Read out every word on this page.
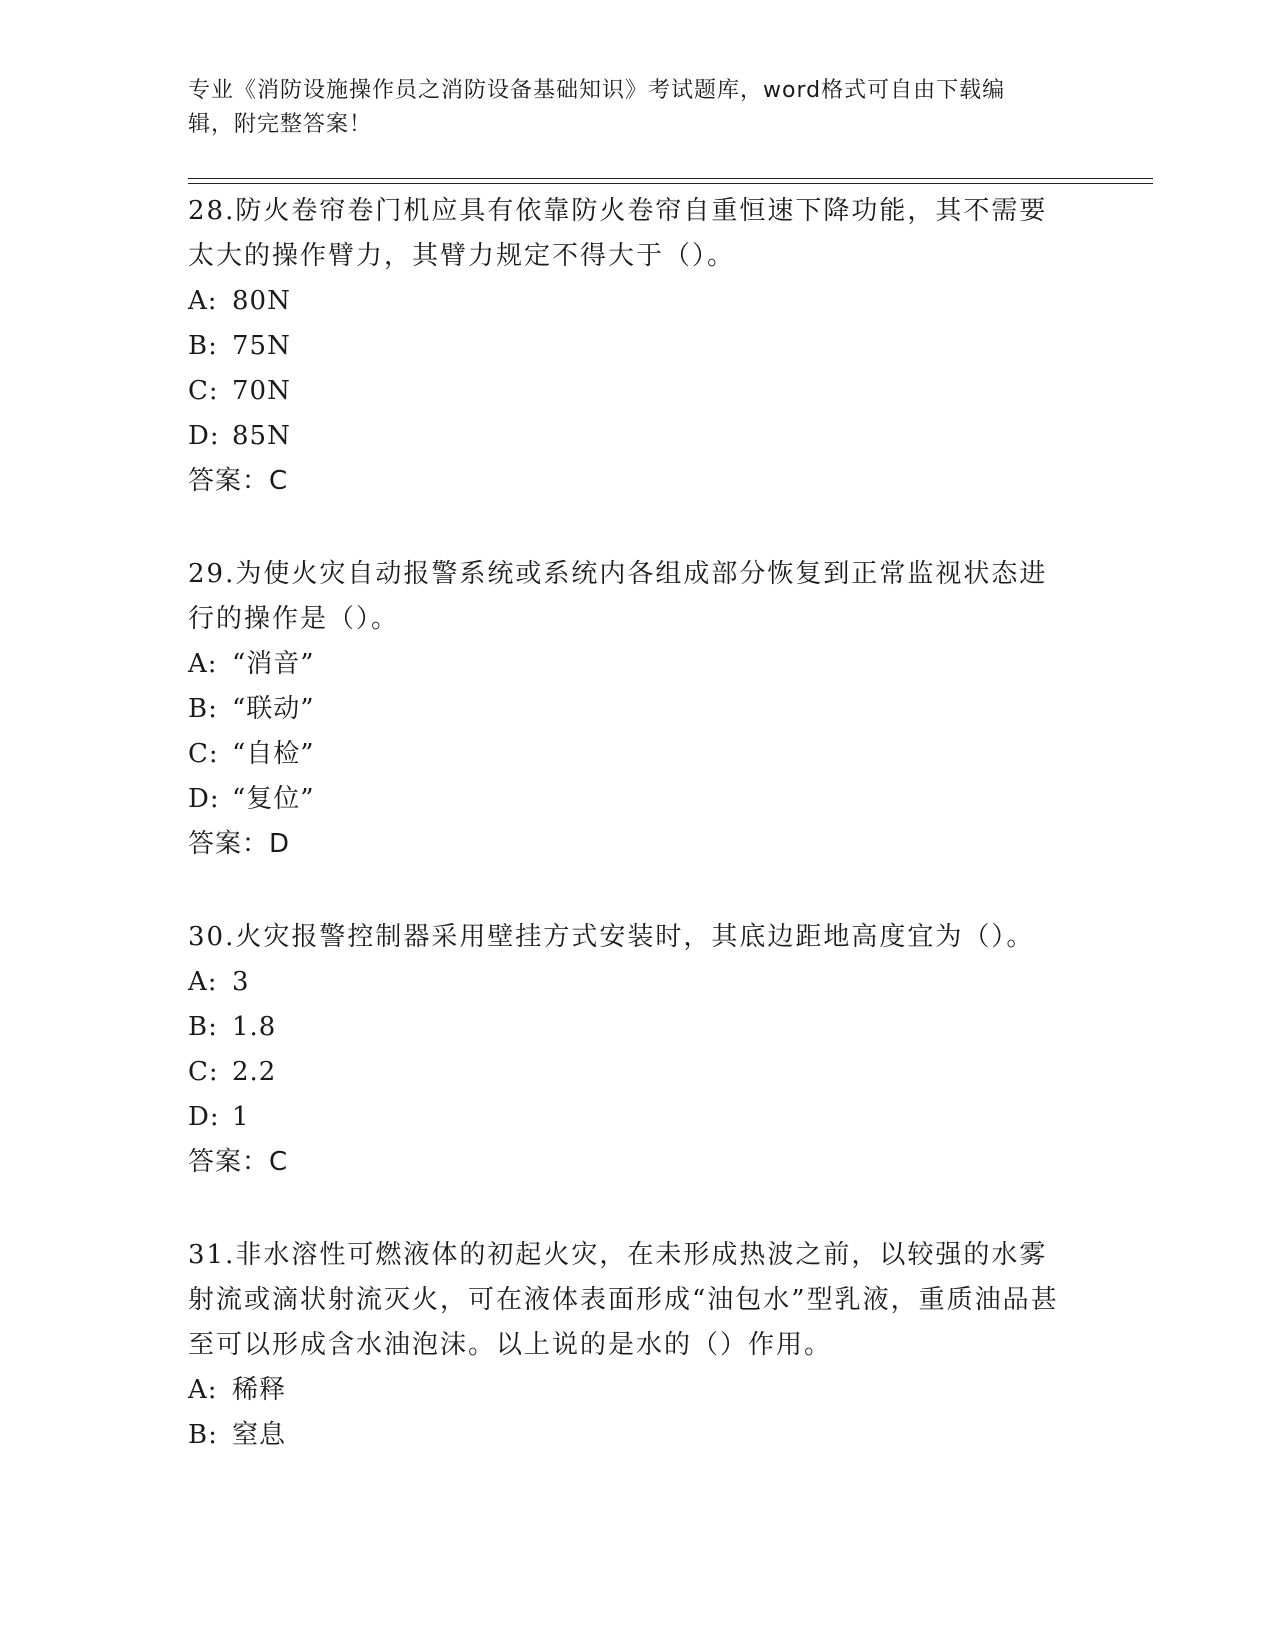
专业《消防设施操作员之消防设备基础知识》考试题库，word格式可自由下载编
辑，附完整答案！

28.防火卷帘卷门机应具有依靠防火卷帘自重恒速下降功能，其不需要太大的操作臂力，其臂力规定不得大于（）。

A: 80N
B: 75N
C: 70N
D: 85N
答案：C

29.为使火灾自动报警系统或系统内各组成部分恢复到正常监视状态进行的操作是（）。

A: “消音”
B: “联动”
C: “自检”
D: “复位”
答案：D

30.火灾报警控制器采用壁挂方式安装时，其底边距地高度宜为（）。

A: 3
B: 1.8
C: 2.2
D: 1
答案：C

31.非水溶性可燃液体的初起火灾，在未形成热波之前，以较强的水雾射流或滴状射流灭火，可在液体表面形成“油包水”型乳液，重质油品甚至可以形成含水油泡沫。以上说的是水的（）作用。

A: 稀释
B: 窒息
